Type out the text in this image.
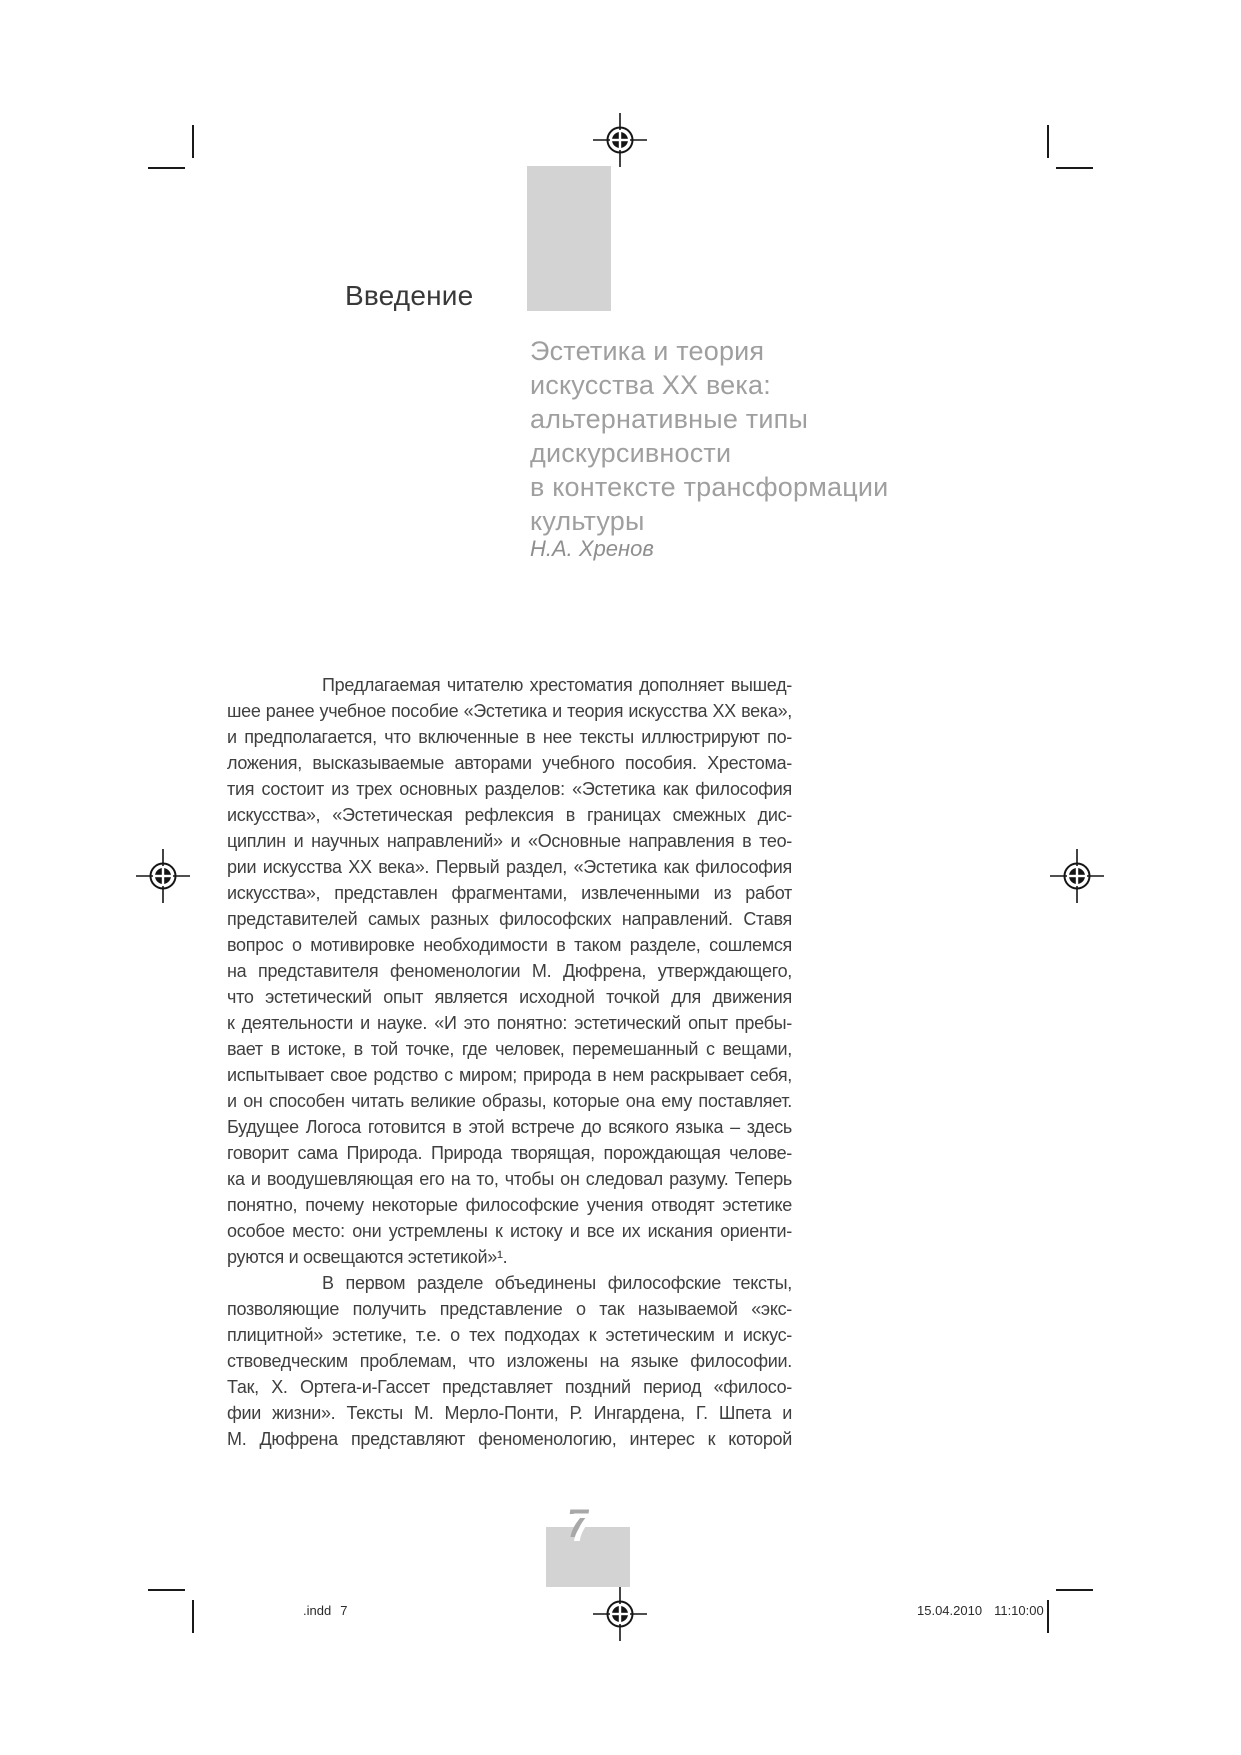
7
Введение
Эстетика и теория
искусства ХХ века:
альтернативные типы
дискурсивности
в контексте трансформации
культуры
Н.А. Хренов
Предлагаемая читателю хрестоматия дополняет вышед-
шее ранее учебное пособие «Эстетика и теория искусства ХХ века»,
и предполагается, что включенные в нее тексты иллюстрируют по-
ложения, высказываемые авторами учебного пособия. Хрестома-
тия состоит из трех основных разделов: «Эстетика как философия
искусства», «Эстетическая рефлексия в границах смежных дис-
циплин и научных направлений» и «Основные направления в тео-
рии искусства ХХ века». Первый раздел, «Эстетика как философия
искусства», представлен фрагментами, извлеченными из работ
представителей самых разных философских направлений. Ставя
вопрос о мотивировке необходимости в таком разделе, сошлемся
на представителя феноменологии М. Дюфрена, утверждающего,
что эстетический опыт является исходной точкой для движения
к деятельности и науке. «И это понятно: эстетический опыт пребы-
вает в истоке, в той точке, где человек, перемешанный с вещами,
испытывает свое родство с миром; природа в нем раскрывает себя,
и он способен читать великие образы, которые она ему поставляет.
Будущее Логоса готовится в этой встрече до всякого языка – здесь
говорит сама Природа. Природа творящая, порождающая челове-
ка и воодушевляющая его на то, чтобы он следовал разуму. Теперь
понятно, почему некоторые философские учения отводят эстетике
особое место: они устремлены к истоку и все их искания ориенти-
руются и освещаются эстетикой»¹.
В первом разделе объединены философские тексты,
позволяющие получить представление о так называемой «экс-
плицитной» эстетике, т.е. о тех подходах к эстетическим и искус-
ствоведческим проблемам, что изложены на языке философии.
Так, Х. Ортега-и-Гассет представляет поздний период «филосо-
фии жизни». Тексты М. Мерло-Понти, Р. Ингардена, Г. Шпета и
М. Дюфрена представляют феноменологию, интерес к которой
.indd 7	15.04.2010 11:10:00
